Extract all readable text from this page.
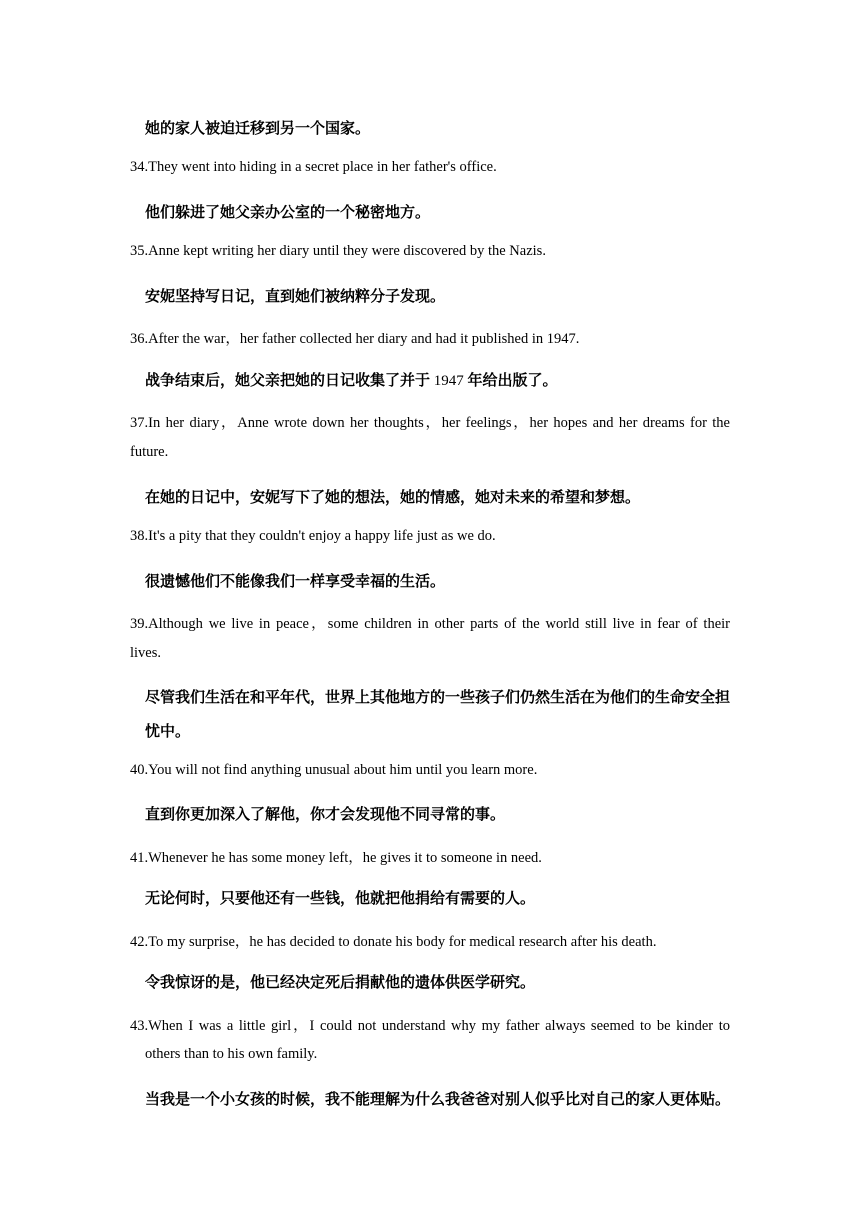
她的家人被迫迁移到另一个国家。
34.They went into hiding in a secret place in her father's office.
他们躲进了她父亲办公室的一个秘密地方。
35.Anne kept writing her diary until they were discovered by the Nazis.
安妮坚持写日记，直到她们被纳粹分子发现。
36.After the war，her father collected her diary and had it published in 1947.
战争结束后，她父亲把她的日记收集了并于 1947 年给出版了。
37.In her diary，Anne wrote down her thoughts，her feelings，her hopes and her dreams for the
future.
在她的日记中，安妮写下了她的想法，她的情感，她对未来的希望和梦想。
38.It's a pity that they couldn't enjoy a happy life just as we do.
很遗憾他们不能像我们一样享受幸福的生活。
39.Although we live in peace，some children in other parts of the world still live in fear of their
lives.
尽管我们生活在和平年代，世界上其他地方的一些孩子们仍然生活在为他们的生命安全担
忧中。
40.You will not find anything unusual about him until you learn more.
直到你更加深入了解他，你才会发现他不同寻常的事。
41.Whenever he has some money left，he gives it to someone in need.
无论何时，只要他还有一些钱，他就把他捐给有需要的人。
42.To my surprise，he has decided to donate his body for medical research after his death.
令我惊讶的是，他已经决定死后捐献他的遗体供医学研究。
43.When I was a little girl，I could not understand why my father always seemed to be kinder to
others than to his own family.
当我是一个小女孩的时候，我不能理解为什么我爸爸对别人似乎比对自己的家人更体贴。
